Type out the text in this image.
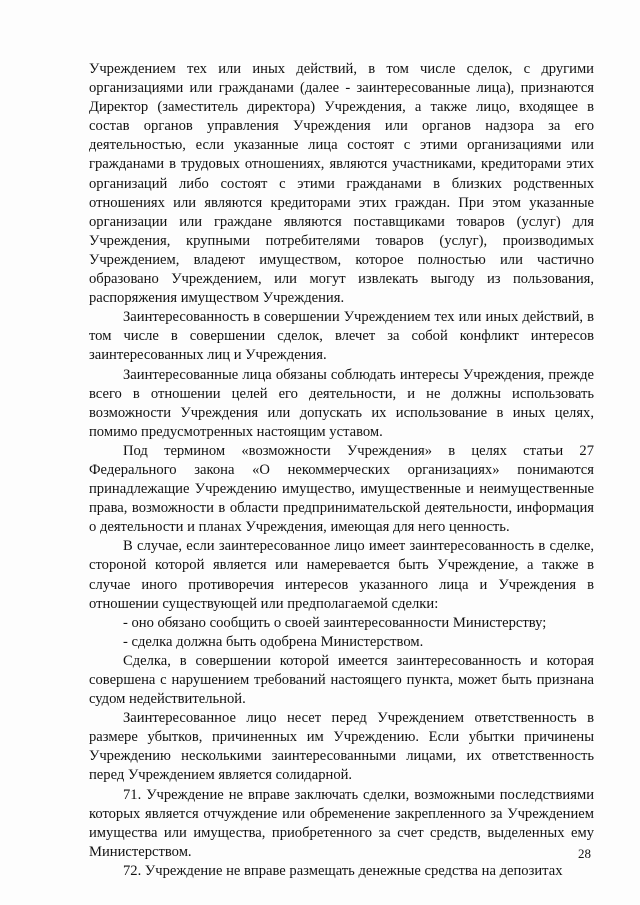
Учреждением тех или иных действий, в том числе сделок, с другими организациями или гражданами (далее - заинтересованные лица), признаются Директор (заместитель директора) Учреждения, а также лицо, входящее в состав органов управления Учреждения или органов надзора за его деятельностью, если указанные лица состоят с этими организациями или гражданами в трудовых отношениях, являются участниками, кредиторами этих организаций либо состоят с этими гражданами в близких родственных отношениях или являются кредиторами этих граждан. При этом указанные организации или граждане являются поставщиками товаров (услуг) для Учреждения, крупными потребителями товаров (услуг), производимых Учреждением, владеют имуществом, которое полностью или частично образовано Учреждением, или могут извлекать выгоду из пользования, распоряжения имуществом Учреждения.

Заинтересованность в совершении Учреждением тех или иных действий, в том числе в совершении сделок, влечет за собой конфликт интересов заинтересованных лиц и Учреждения.

Заинтересованные лица обязаны соблюдать интересы Учреждения, прежде всего в отношении целей его деятельности, и не должны использовать возможности Учреждения или допускать их использование в иных целях, помимо предусмотренных настоящим уставом.

Под термином «возможности Учреждения» в целях статьи 27 Федерального закона «О некоммерческих организациях» понимаются принадлежащие Учреждению имущество, имущественные и неимущественные права, возможности в области предпринимательской деятельности, информация о деятельности и планах Учреждения, имеющая для него ценность.

В случае, если заинтересованное лицо имеет заинтересованность в сделке, стороной которой является или намеревается быть Учреждение, а также в случае иного противоречия интересов указанного лица и Учреждения в отношении существующей или предполагаемой сделки:

- оно обязано сообщить о своей заинтересованности Министерству;

- сделка должна быть одобрена Министерством.

Сделка, в совершении которой имеется заинтересованность и которая совершена с нарушением требований настоящего пункта, может быть признана судом недействительной.

Заинтересованное лицо несет перед Учреждением ответственность в размере убытков, причиненных им Учреждению. Если убытки причинены Учреждению несколькими заинтересованными лицами, их ответственность перед Учреждением является солидарной.

71. Учреждение не вправе заключать сделки, возможными последствиями которых является отчуждение или обременение закрепленного за Учреждением имущества или имущества, приобретенного за счет средств, выделенных ему Министерством.

72. Учреждение не вправе размещать денежные средства на депозитах

28
